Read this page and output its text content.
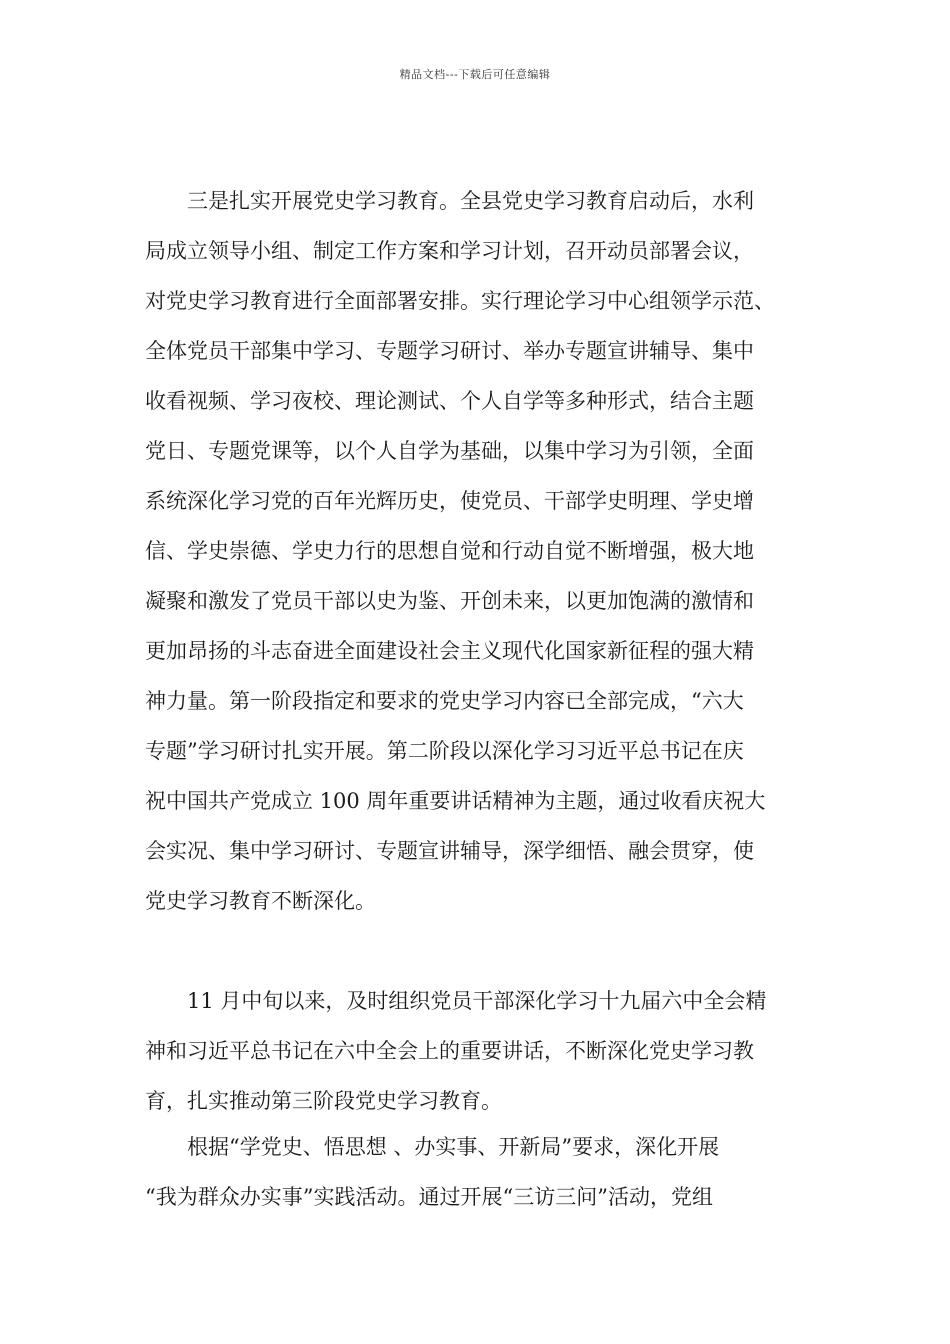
精品文档---下载后可任意编辑
三是扎实开展党史学习教育。全县党史学习教育启动后，水利
局成立领导小组、制定工作方案和学习计划，召开动员部署会议，
对党史学习教育进行全面部署安排。实行理论学习中心组领学示范、
全体党员干部集中学习、专题学习研讨、举办专题宣讲辅导、集中
收看视频、学习夜校、理论测试、个人自学等多种形式，结合主题
党日、专题党课等，以个人自学为基础，以集中学习为引领，全面
系统深化学习党的百年光辉历史，使党员、干部学史明理、学史增
信、学史崇德、学史力行的思想自觉和行动自觉不断增强，极大地
凝聚和激发了党员干部以史为鉴、开创未来，以更加饱满的激情和
更加昂扬的斗志奋进全面建设社会主义现代化国家新征程的强大精
神力量。第一阶段指定和要求的党史学习内容已全部完成，“六大
专题”学习研讨扎实开展。第二阶段以深化学习习近平总书记在庆
祝中国共产党成立 100 周年重要讲话精神为主题，通过收看庆祝大
会实况、集中学习研讨、专题宣讲辅导，深学细悟、融会贯穿，使
党史学习教育不断深化。
11 月中旬以来，及时组织党员干部深化学习十九届六中全会精
神和习近平总书记在六中全会上的重要讲话，不断深化党史学习教
育，扎实推动第三阶段党史学习教育。
根据“学党史、悟思想 、办实事、开新局”要求，深化开展
“我为群众办实事”实践活动。通过开展“三访三问”活动，党组
